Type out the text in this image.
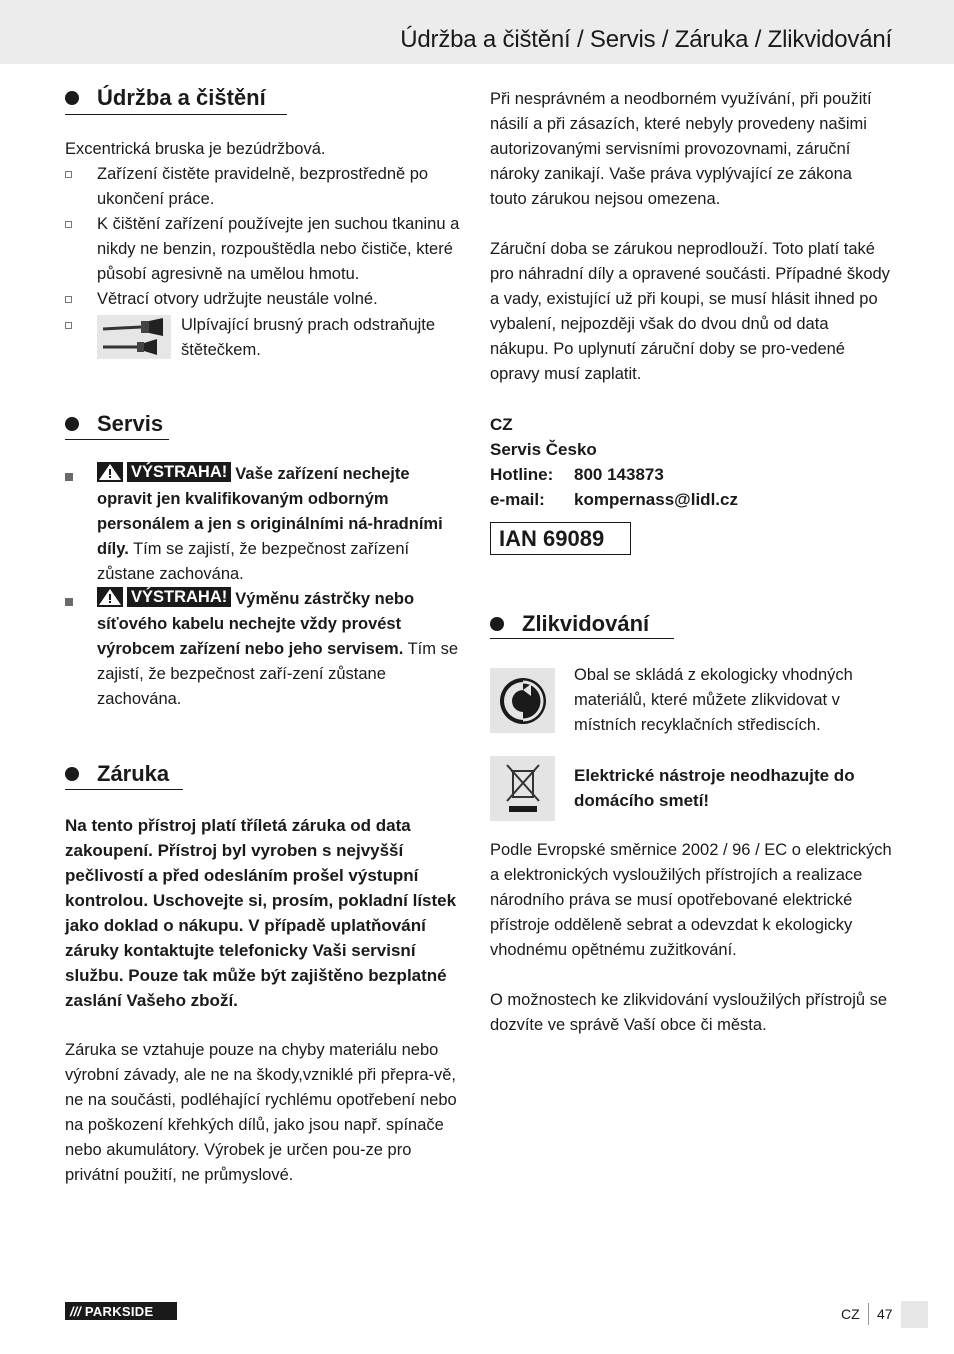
Údržba a čištění / Servis / Záruka / Zlikvidování
Údržba a čištění

Excentrická bruska je bezúdržbová.

Zařízení čistěte pravidelně, bezprostředně po ukončení práce.

K čištění zařízení používejte jen suchou tkaninu a nikdy ne benzin, rozpouštědla nebo čističe, které působí agresivně na umělou hmotu.

Větrací otvory udržujte neustále volné.

Ulpívající brusný prach odstraňujte štětečkem.

Servis

VÝSTRAHA! Vaše zařízení nechejte opravit jen kvalifikovaným odborným personálem a jen s originálními ná-hradními díly. Tím se zajistí, že bezpečnost zařízení zůstane zachována.

VÝSTRAHA! Výměnu zástrčky nebo síťového kabelu nechejte vždy provést výrobcem zařízení nebo jeho servisem. Tím se zajistí, že bezpečnost zaří-zení zůstane zachována.

Záruka

Na tento přístroj platí tříletá záruka od data zakoupení. Přístroj byl vyroben s nejvyšší pečlivostí a před odesláním prošel výstupní kontrolou. Uschovejte si, prosím, pokladní lístek jako doklad o nákupu. V případě uplatňování záruky kontaktujte telefonicky Vaši servisní službu. Pouze tak může být zajištěno bezplatné zaslání Vašeho zboží.

Záruka se vztahuje pouze na chyby materiálu nebo výrobní závady, ale ne na škody,vzniklé při přepra-vě, ne na součásti, podléhající rychlému opotřebení nebo na poškození křehkých dílů, jako jsou např. spínače nebo akumulátory. Výrobek je určen pou-ze pro privátní použití, ne průmyslové.

Při nesprávném a neodborném využívání, při použití násilí a při zásazích, které nebyly provedeny našimi autorizovanými servisními provozovnami, záruční nároky zanikají. Vaše práva vyplývající ze zákona touto zárukou nejsou omezena.

Záruční doba se zárukou neprodlouží. Toto platí také pro náhradní díly a opravené součásti. Případné škody a vady, existující už při koupi, se musí hlásit ihned po vybalení, nejpozději však do dvou dnů od data nákupu. Po uplynutí záruční doby se pro-vedené opravy musí zaplatit.

CZ

Servis Česko

Hotline: 800 143873

e-mail: kompernass@lidl.cz

IAN 69089
Zlikvidování

Obal se skládá z ekologicky vhodných materiálů, které můžete zlikvidovat v místních recyklačních střediscích.

Elektrické nástroje neodhazujte do domácího smetí!

Podle Evropské směrnice 2002 / 96 / EC o elektrických a elektronických vysloužilých přístrojích a realizace národního práva se musí opotřebované elektrické přístroje odděleně sebrat a odevzdat k ekologicky vhodnému opětnému zužitkování.

O možnostech ke zlikvidování vysloužilých přístrojů se dozvíte ve správě Vaší obce či města.

/// PARKSIDE	CZ 47
